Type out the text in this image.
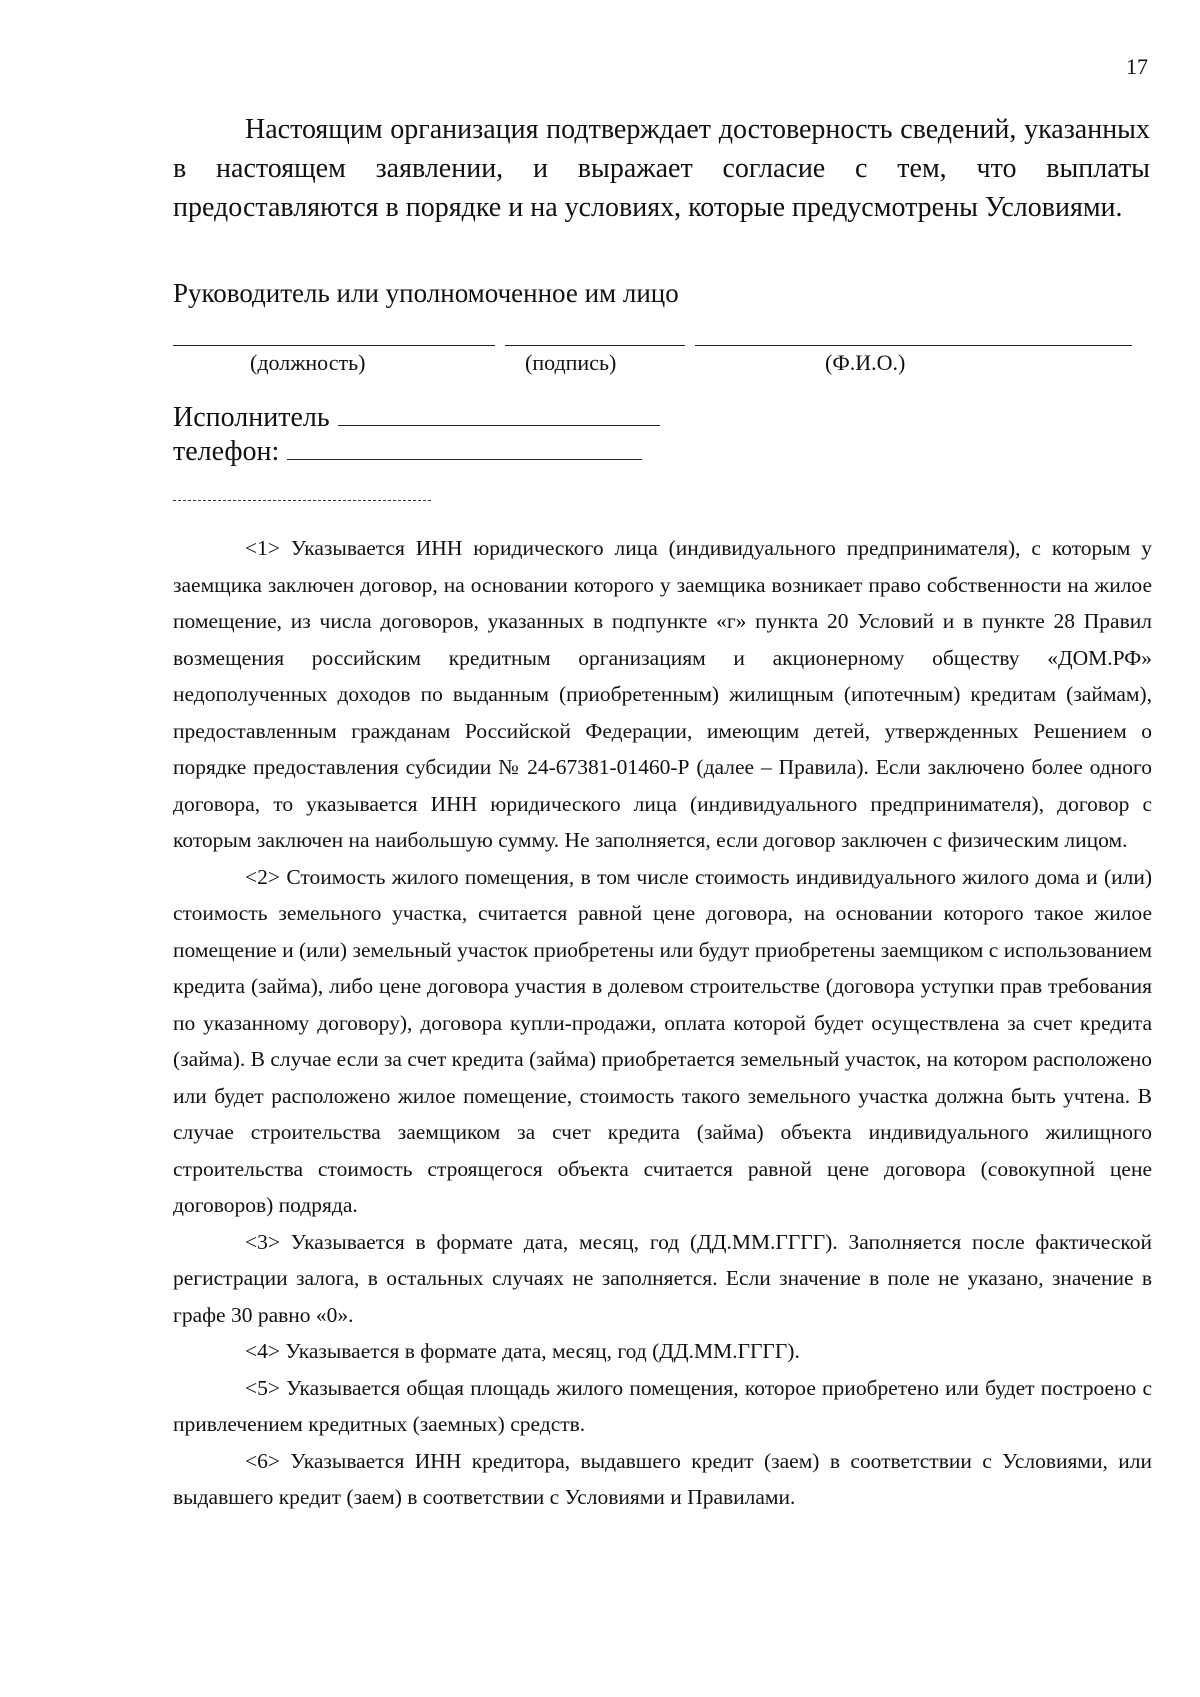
17

Настоящим организация подтверждает достоверность сведений, указанных в настоящем заявлении, и выражает согласие с тем, что выплаты предоставляются в порядке и на условиях, которые предусмотрены Условиями.

Руководитель или уполномоченное им лицо
(должность)	(подпись)	(Ф.И.О.)
Исполнитель
телефон:
<1> Указывается ИНН юридического лица (индивидуального предпринимателя), с которым у заемщика заключен договор, на основании которого у заемщика возникает право собственности на жилое помещение, из числа договоров, указанных в подпункте «г» пункта 20 Условий и в пункте 28 Правил возмещения российским кредитным организациям и акционерному обществу «ДОМ.РФ» недополученных доходов по выданным (приобретенным) жилищным (ипотечным) кредитам (займам), предоставленным гражданам Российской Федерации, имеющим детей, утвержденных Решением о порядке предоставления субсидии № 24-67381-01460-Р (далее – Правила). Если заключено более одного договора, то указывается ИНН юридического лица (индивидуального предпринимателя), договор с которым заключен на наибольшую сумму. Не заполняется, если договор заключен с физическим лицом.
<2> Стоимость жилого помещения, в том числе стоимость индивидуального жилого дома и (или) стоимость земельного участка, считается равной цене договора, на основании которого такое жилое помещение и (или) земельный участок приобретены или будут приобретены заемщиком с использованием кредита (займа), либо цене договора участия в долевом строительстве (договора уступки прав требования по указанному договору), договора купли-продажи, оплата которой будет осуществлена за счет кредита (займа). В случае если за счет кредита (займа) приобретается земельный участок, на котором расположено или будет расположено жилое помещение, стоимость такого земельного участка должна быть учтена. В случае строительства заемщиком за счет кредита (займа) объекта индивидуального жилищного строительства стоимость строящегося объекта считается равной цене договора (совокупной цене договоров) подряда.
<3> Указывается в формате дата, месяц, год (ДД.ММ.ГГГГ). Заполняется после фактической регистрации залога, в остальных случаях не заполняется. Если значение в поле не указано, значение в графе 30 равно «0».
<4> Указывается в формате дата, месяц, год (ДД.ММ.ГГГГ).
<5> Указывается общая площадь жилого помещения, которое приобретено или будет построено с привлечением кредитных (заемных) средств.
<6> Указывается ИНН кредитора, выдавшего кредит (заем) в соответствии с Условиями, или выдавшего кредит (заем) в соответствии с Условиями и Правилами.
